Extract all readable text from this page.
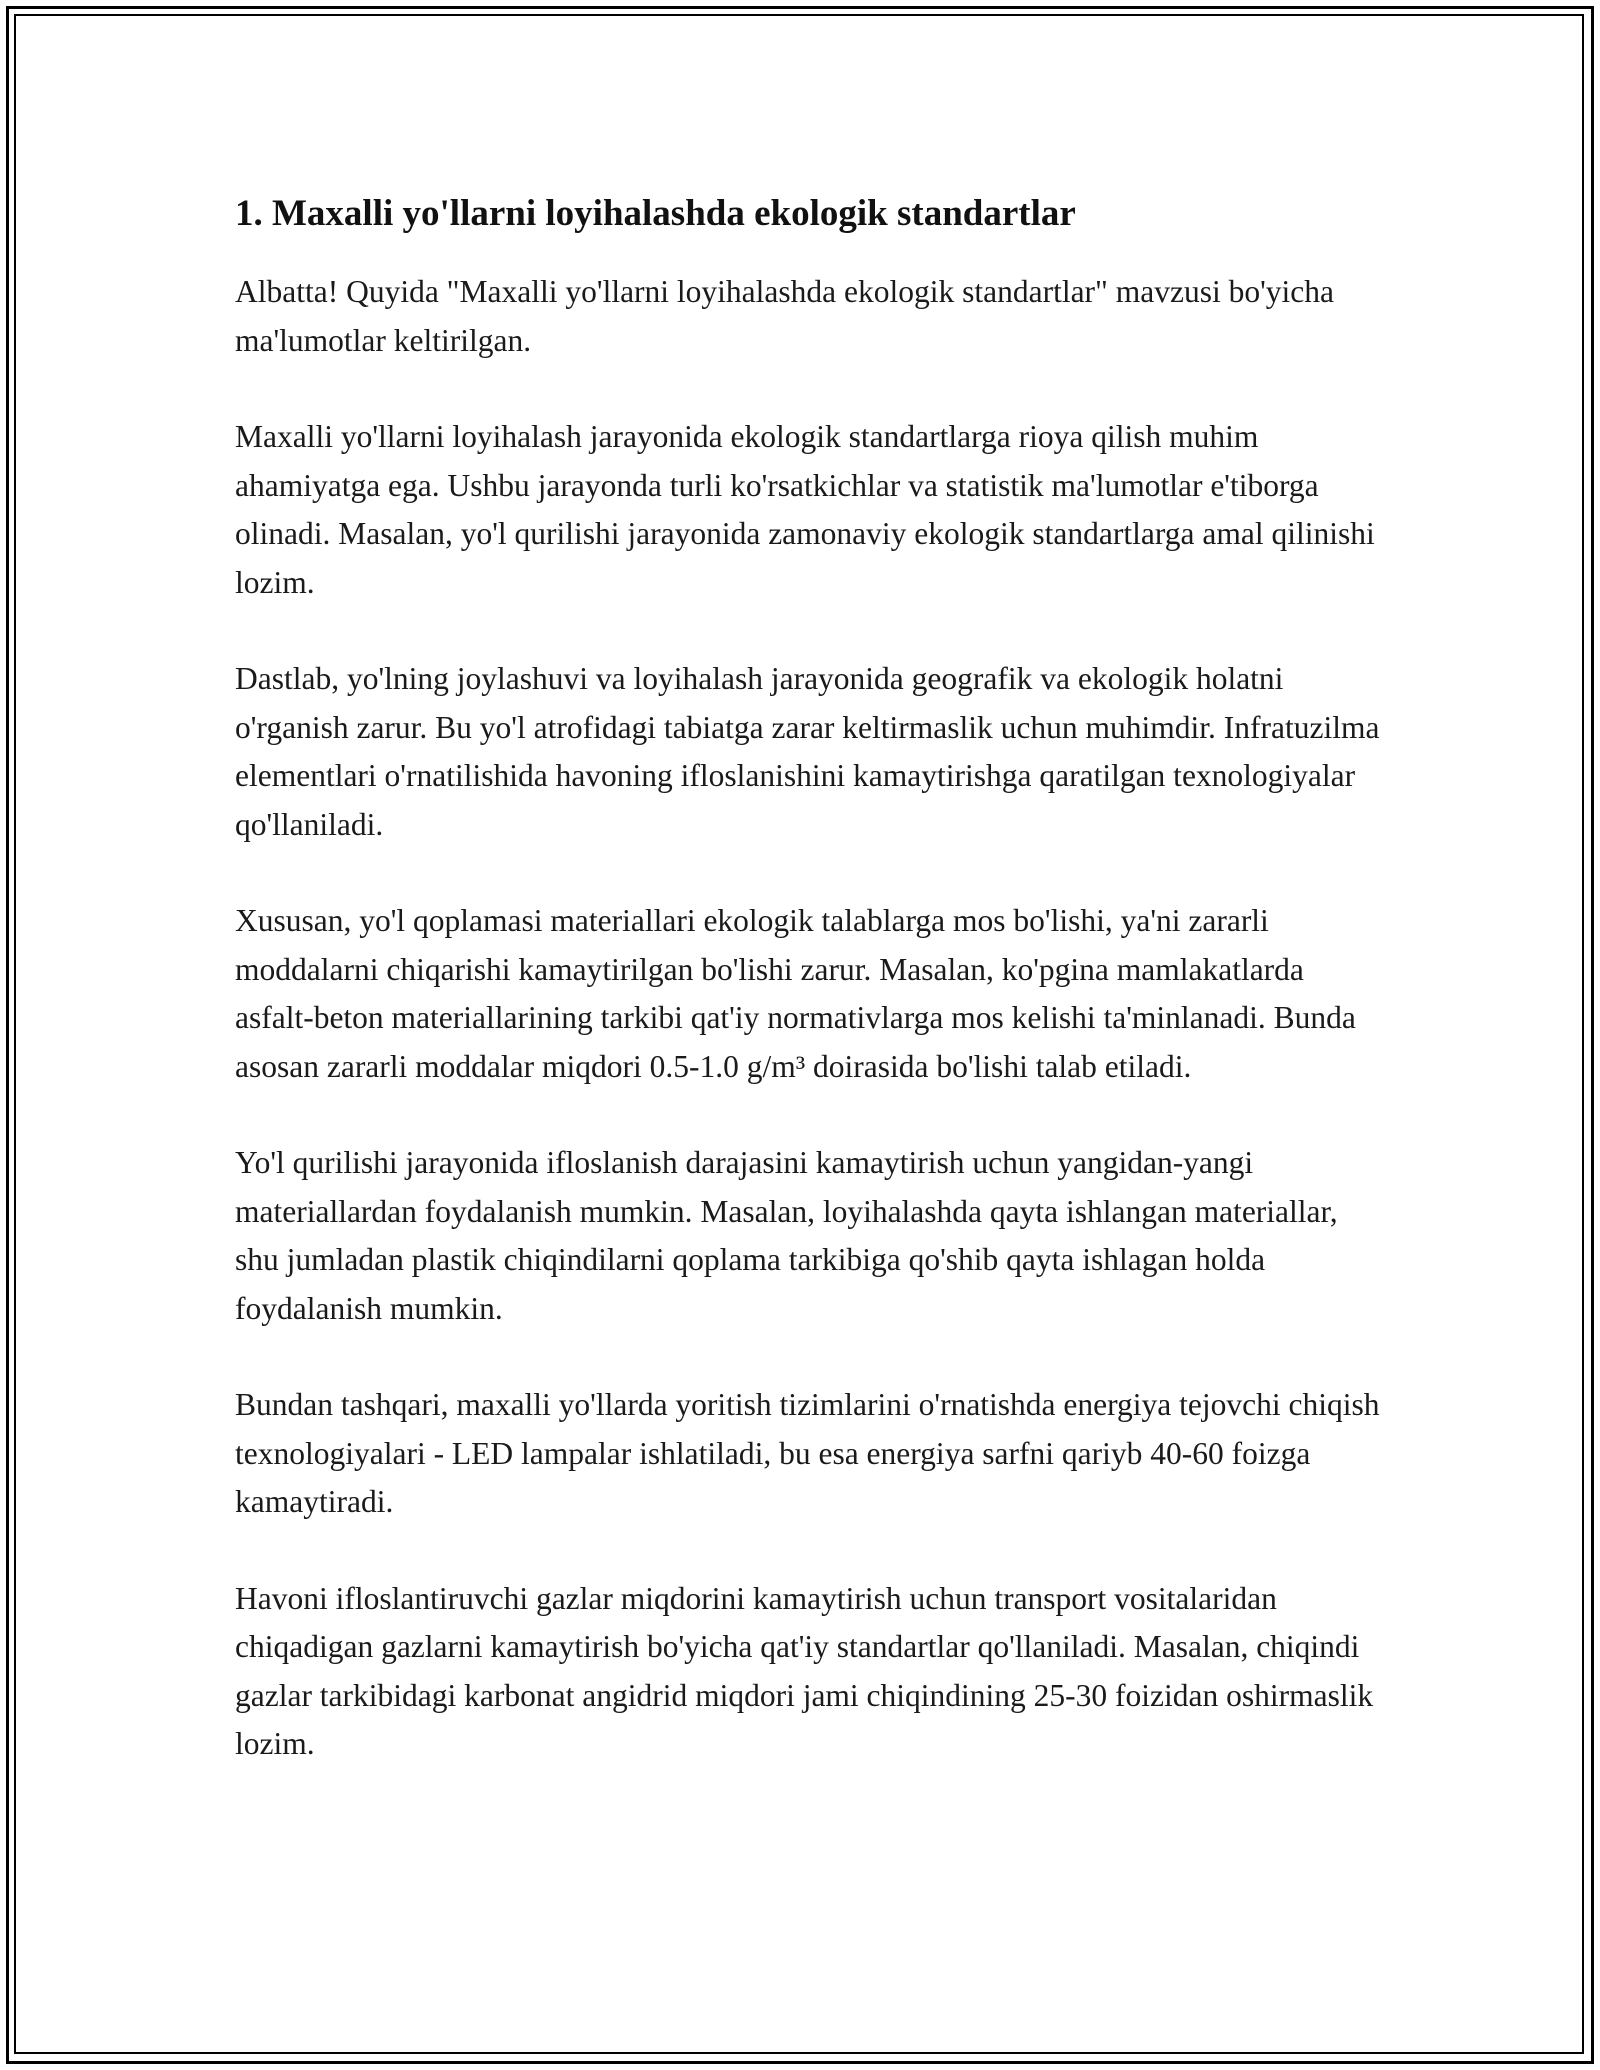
1. Maxalli yo'llarni loyihalashda ekologik standartlar

Albatta! Quyida "Maxalli yo'llarni loyihalashda ekologik standartlar" mavzusi bo'yicha ma'lumotlar keltirilgan.

Maxalli yo'llarni loyihalash jarayonida ekologik standartlarga rioya qilish muhim ahamiyatga ega. Ushbu jarayonda turli ko'rsatkichlar va statistik ma'lumotlar e'tiborga olinadi. Masalan, yo'l qurilishi jarayonida zamonaviy ekologik standartlarga amal qilinishi lozim.

Dastlab, yo'lning joylashuvi va loyihalash jarayonida geografik va ekologik holatni o'rganish zarur. Bu yo'l atrofidagi tabiatga zarar keltirmaslik uchun muhimdir. Infratuzilma elementlari o'rnatilishida havoning ifloslanishini kamaytirishga qaratilgan texnologiyalar qo'llaniladi.

Xususan, yo'l qoplamasi materiallari ekologik talablarga mos bo'lishi, ya'ni zararli moddalarni chiqarishi kamaytirilgan bo'lishi zarur. Masalan, ko'pgina mamlakatlarda asfalt-beton materiallarining tarkibi qat'iy normativlarga mos kelishi ta'minlanadi. Bunda asosan zararli moddalar miqdori 0.5-1.0 g/m³ doirasida bo'lishi talab etiladi.

Yo'l qurilishi jarayonida ifloslanish darajasini kamaytirish uchun yangidan-yangi materiallardan foydalanish mumkin. Masalan, loyihalashda qayta ishlangan materiallar, shu jumladan plastik chiqindilarni qoplama tarkibiga qo'shib qayta ishlagan holda foydalanish mumkin.

Bundan tashqari, maxalli yo'llarda yoritish tizimlarini o'rnatishda energiya tejovchi chiqish texnologiyalari - LED lampalar ishlatiladi, bu esa energiya sarfni qariyb 40-60 foizga kamaytiradi.

Havoni ifloslantiruvchi gazlar miqdorini kamaytirish uchun transport vositalaridan chiqadigan gazlarni kamaytirish bo'yicha qat'iy standartlar qo'llaniladi. Masalan, chiqindi gazlar tarkibidagi karbonat angidrid miqdori jami chiqindining 25-30 foizidan oshirmaslik lozim.
